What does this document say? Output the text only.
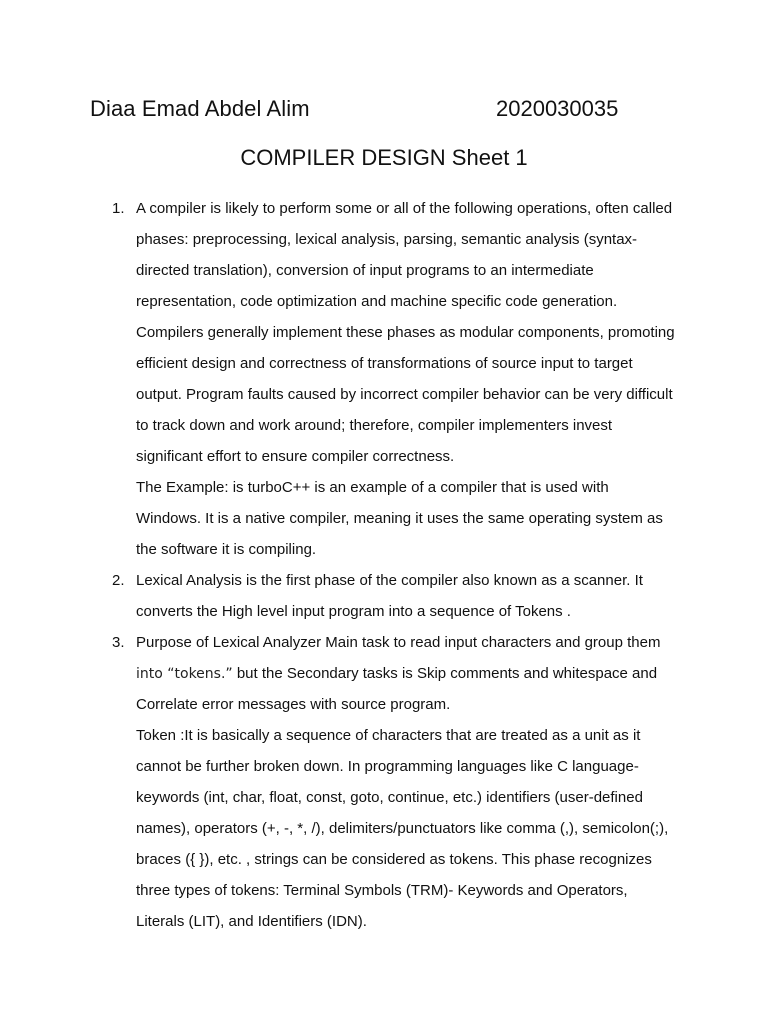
Diaa Emad Abdel Alim	2020030035
COMPILER DESIGN Sheet 1
1. A compiler is likely to perform some or all of the following operations, often called
phases: preprocessing, lexical analysis, parsing, semantic analysis (syntax-
directed translation), conversion of input programs to an intermediate
representation, code optimization and machine specific code generation.
Compilers generally implement these phases as modular components, promoting
efficient design and correctness of transformations of source input to target
output. Program faults caused by incorrect compiler behavior can be very difficult
to track down and work around; therefore, compiler implementers invest
significant effort to ensure compiler correctness.
The Example: is turboC++ is an example of a compiler that is used with
Windows. It is a native compiler, meaning it uses the same operating system as
the software it is compiling.
2. Lexical Analysis is the first phase of the compiler also known as a scanner. It
converts the High level input program into a sequence of Tokens .
3. Purpose of Lexical Analyzer Main task to read input characters and group them
into “tokens.” but the Secondary tasks is Skip comments and whitespace and
Correlate error messages with source program.
Token :It is basically a sequence of characters that are treated as a unit as it
cannot be further broken down. In programming languages like C language-
keywords (int, char, float, const, goto, continue, etc.) identifiers (user-defined
names), operators (+, -, *, /), delimiters/punctuators like comma (,), semicolon(;),
braces ({ }), etc. , strings can be considered as tokens. This phase recognizes
three types of tokens: Terminal Symbols (TRM)- Keywords and Operators,
Literals (LIT), and Identifiers (IDN).
